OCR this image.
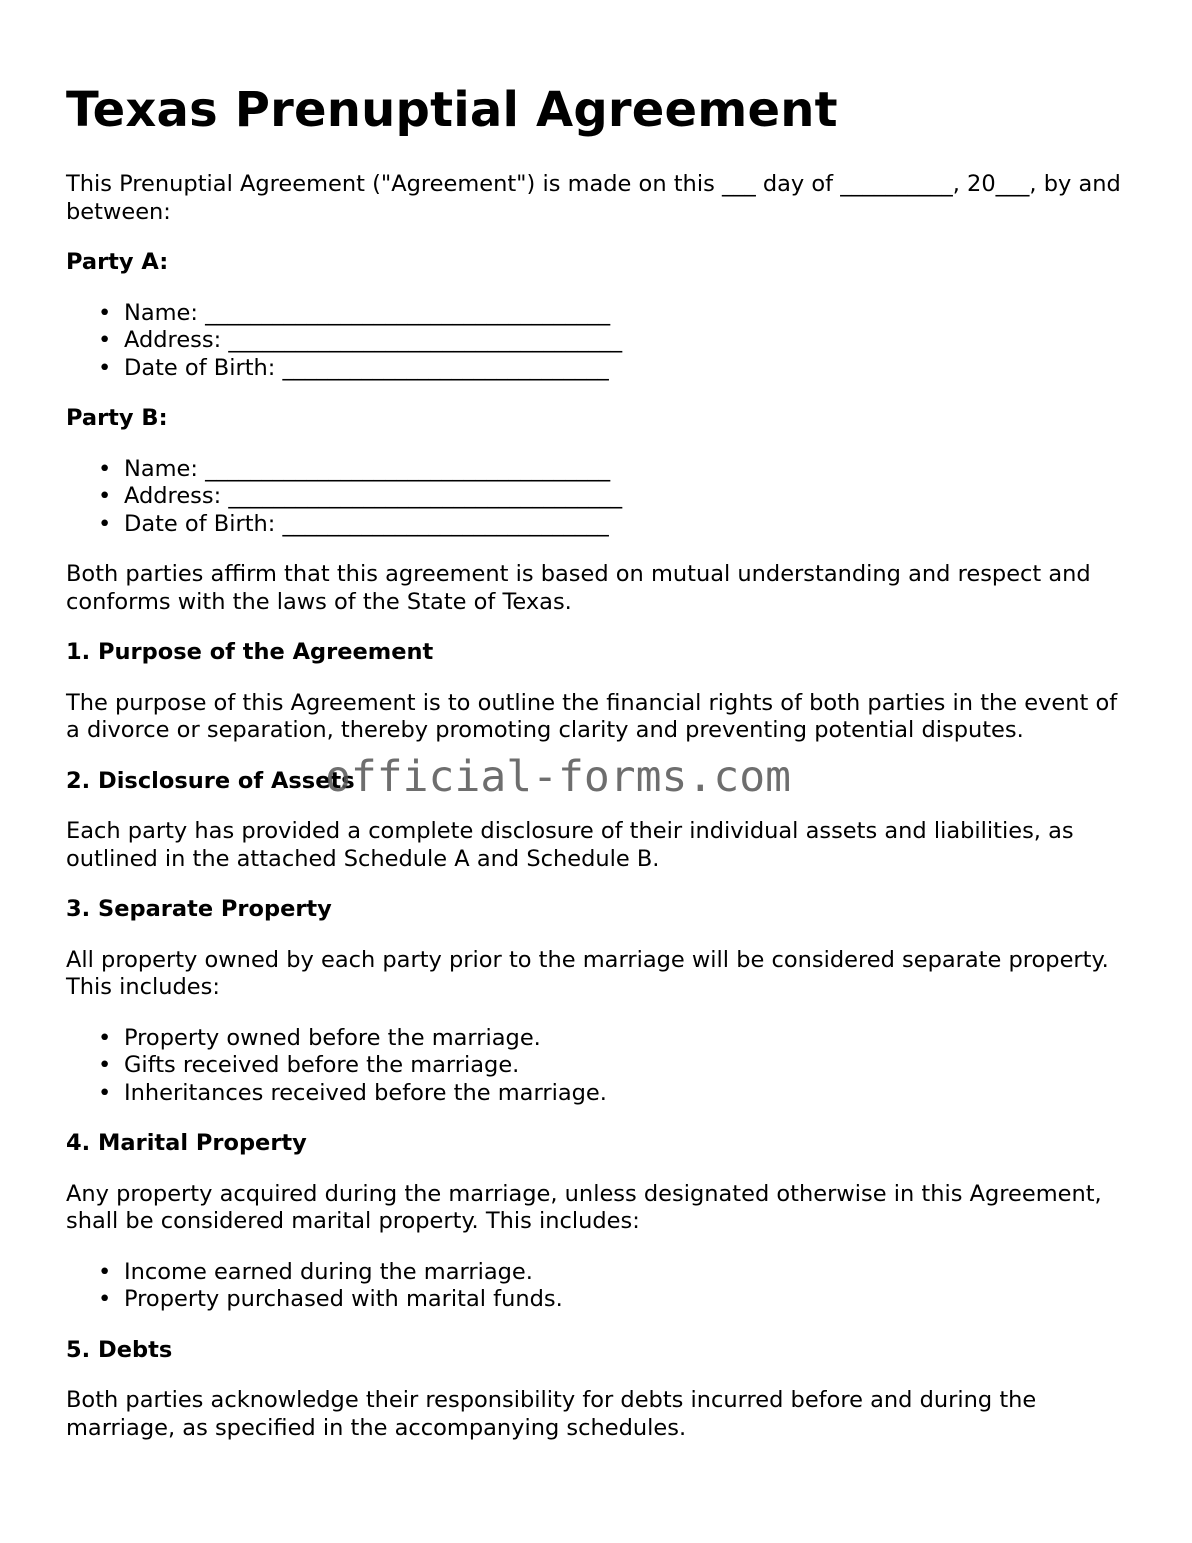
Texas Prenuptial Agreement

This Prenuptial Agreement ("Agreement") is made on this ___ day of __________, 20___, by and between:

Party A:
• Name: ____________________________________
• Address: ___________________________________
• Date of Birth: _____________________________
Party B:
• Name: ____________________________________
• Address: ___________________________________
• Date of Birth: _____________________________

Both parties affirm that this agreement is based on mutual understanding and respect and conforms with the laws of the State of Texas.

1. Purpose of the Agreement

The purpose of this Agreement is to outline the financial rights of both parties in the event of a divorce or separation, thereby promoting clarity and preventing potential disputes.

2. Disclosure of Assets

Each party has provided a complete disclosure of their individual assets and liabilities, as outlined in the attached Schedule A and Schedule B.

3. Separate Property

All property owned by each party prior to the marriage will be considered separate property. This includes:

• Property owned before the marriage.
• Gifts received before the marriage.
• Inheritances received before the marriage.
4. Marital Property

Any property acquired during the marriage, unless designated otherwise in this Agreement, shall be considered marital property. This includes:

• Income earned during the marriage.
• Property purchased with marital funds.
5. Debts

Both parties acknowledge their responsibility for debts incurred before and during the marriage, as specified in the accompanying schedules.

official-forms.com
